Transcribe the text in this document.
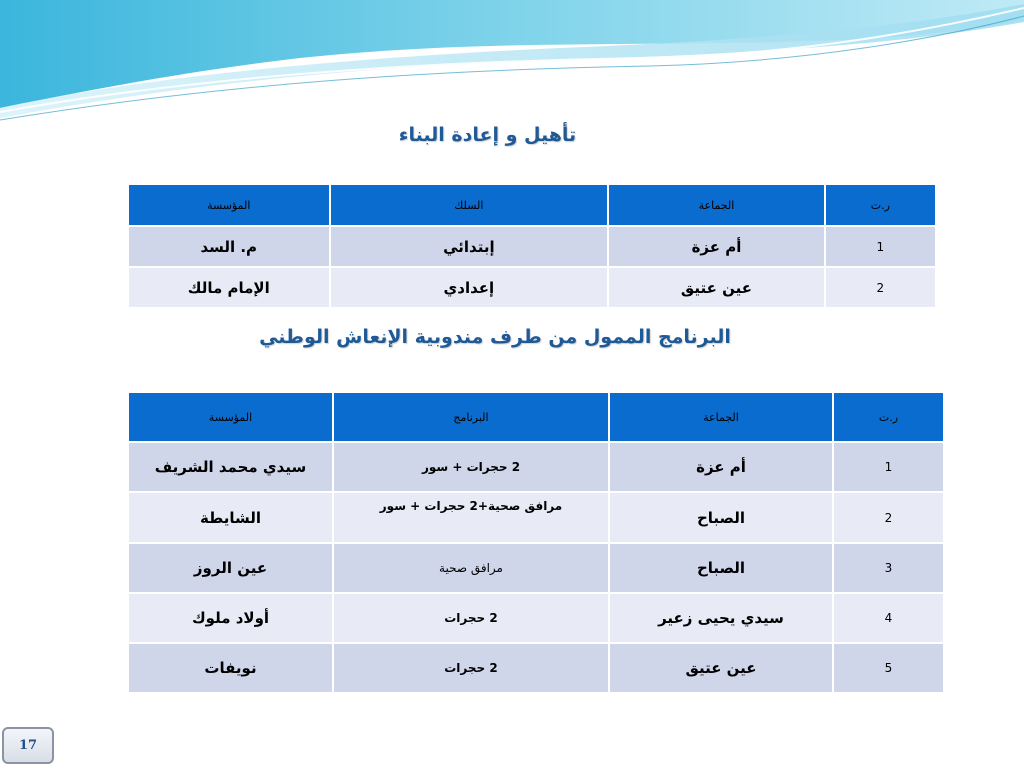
تأهيل و إعادة البناء
ر.ت	الجماعة	السلك	المؤسسة
1	أم عزة	إبتدائي	م. السد
2	عين عتيق	إعدادي	الإمام مالك
البرنامج الممول من طرف مندوبية الإنعاش الوطني
ر.ت	الجماعة	البرنامج	المؤسسة
1	أم عزة	2 حجرات + سور	سيدي محمد الشريف
2	الصباح	مرافق صحية+2 حجرات + سور	الشايطة
3	الصباح	مرافق صحية	عين الروز
4	سيدي يحيى زعير	2 حجرات	أولاد ملوك
5	عين عتيق	2 حجرات	نويفات
17
